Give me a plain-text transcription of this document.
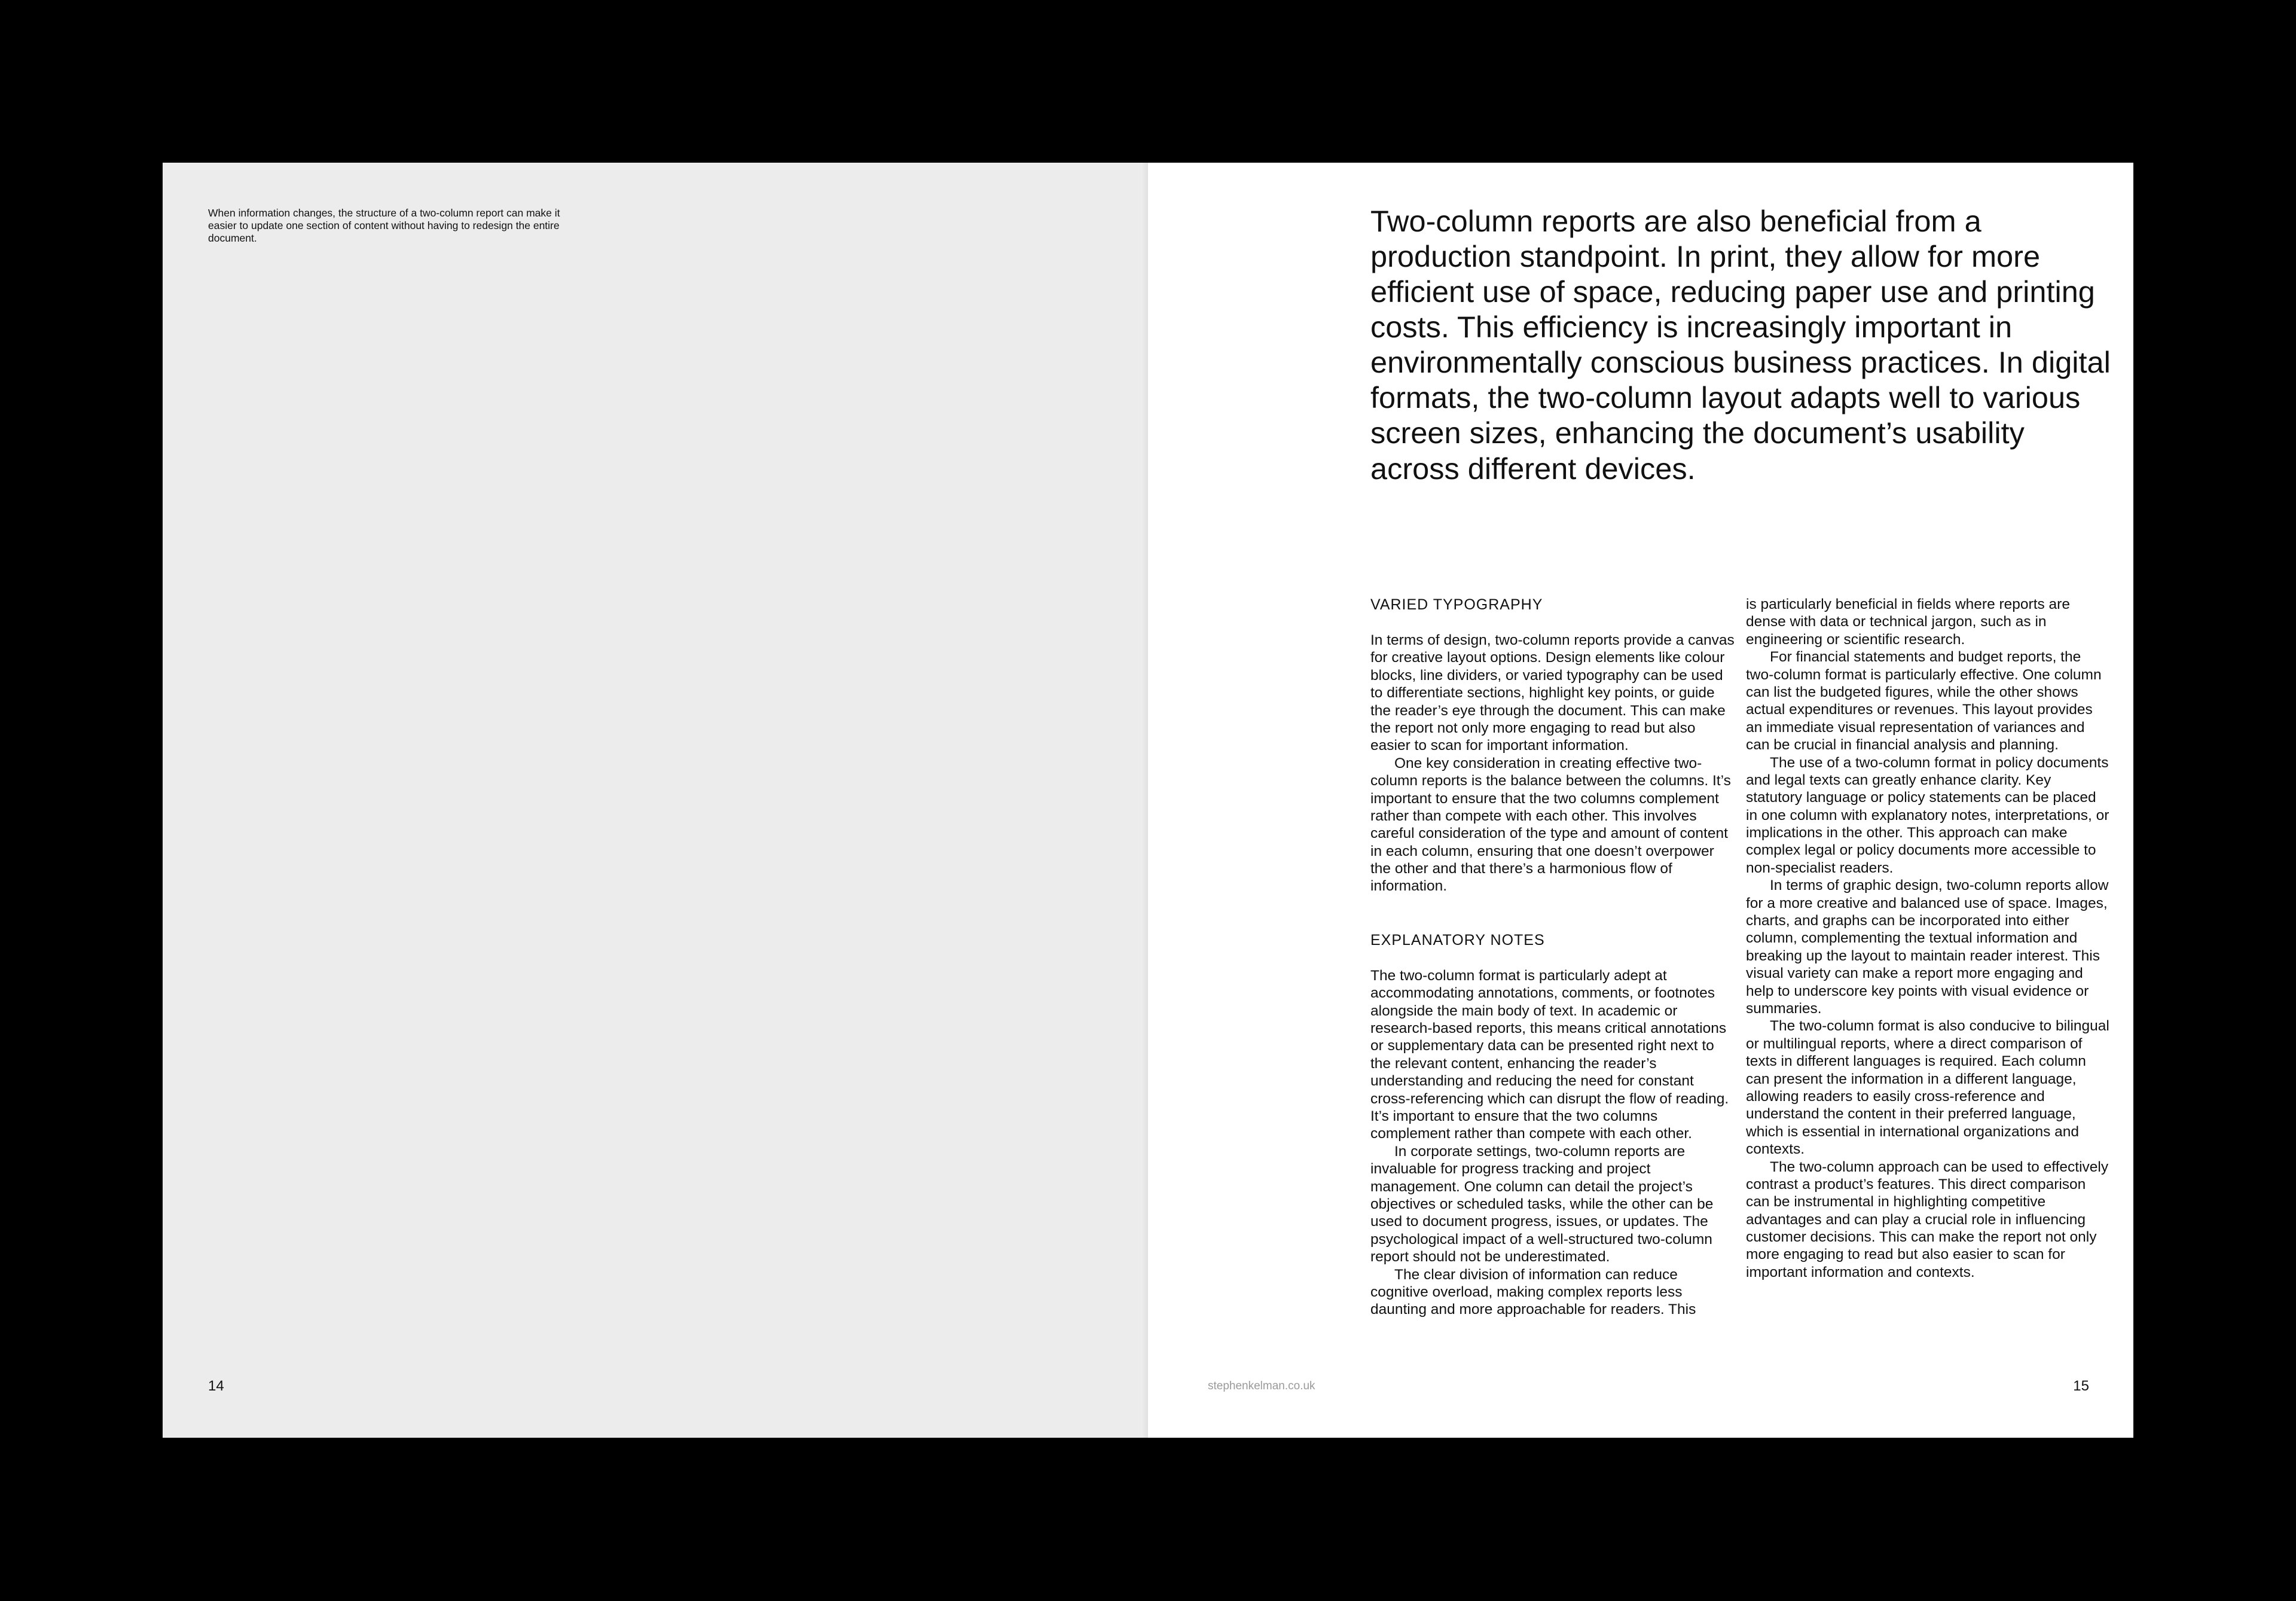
When information changes, the structure of a two-column report can make it easier to update one section of content without having to redesign the entire document.
14
Two-column reports are also beneficial from a production standpoint. In print, they allow for more efficient use of space, reducing paper use and printing costs. This efficiency is increasingly important in environmentally conscious business practices. In digital formats, the two-column layout adapts well to various screen sizes, enhancing the document’s usability across different devices.
VARIED TYPOGRAPHY

In terms of design, two-column reports provide a canvas for creative layout options. Design elements like colour blocks, line dividers, or varied typography can be used to differentiate sections, highlight key points, or guide the reader’s eye through the document. This can make the report not only more engaging to read but also easier to scan for important information.

One key consideration in creating effective two-column reports is the balance between the columns. It’s important to ensure that the two columns complement rather than compete with each other. This involves careful consideration of the type and amount of content in each column, ensuring that one doesn’t overpower the other and that there’s a harmonious flow of information.

EXPLANATORY NOTES

The two-column format is particularly adept at accommodating annotations, comments, or footnotes alongside the main body of text. In academic or research-based reports, this means critical annotations or supplementary data can be presented right next to the relevant content, enhancing the reader’s understanding and reducing the need for constant cross-referencing which can disrupt the flow of reading. It’s important to ensure that the two columns complement rather than compete with each other.

In corporate settings, two-column reports are invaluable for progress tracking and project management. One column can detail the project’s objectives or scheduled tasks, while the other can be used to document progress, issues, or updates. The psychological impact of a well-structured two-column report should not be underestimated.

The clear division of information can reduce cognitive overload, making complex reports less daunting and more approachable for readers. This

is particularly beneficial in fields where reports are dense with data or technical jargon, such as in engineering or scientific research.

For financial statements and budget reports, the two-column format is particularly effective. One column can list the budgeted figures, while the other shows actual expenditures or revenues. This layout provides an immediate visual representation of variances and can be crucial in financial analysis and planning.

The use of a two-column format in policy documents and legal texts can greatly enhance clarity. Key statutory language or policy statements can be placed in one column with explanatory notes, interpretations, or implications in the other. This approach can make complex legal or policy documents more accessible to non-specialist readers.

In terms of graphic design, two-column reports allow for a more creative and balanced use of space. Images, charts, and graphs can be incorporated into either column, complementing the textual information and breaking up the layout to maintain reader interest. This visual variety can make a report more engaging and help to underscore key points with visual evidence or summaries.

The two-column format is also conducive to bilingual or multilingual reports, where a direct comparison of texts in different languages is required. Each column can present the information in a different language, allowing readers to easily cross-reference and understand the content in their preferred language, which is essential in international organizations and contexts.

The two-column approach can be used to effectively contrast a product’s features. This direct comparison can be instrumental in highlighting competitive advantages and can play a crucial role in influencing customer decisions. This can make the report not only more engaging to read but also easier to scan for important information and contexts.

stephenkelman.co.uk	15
